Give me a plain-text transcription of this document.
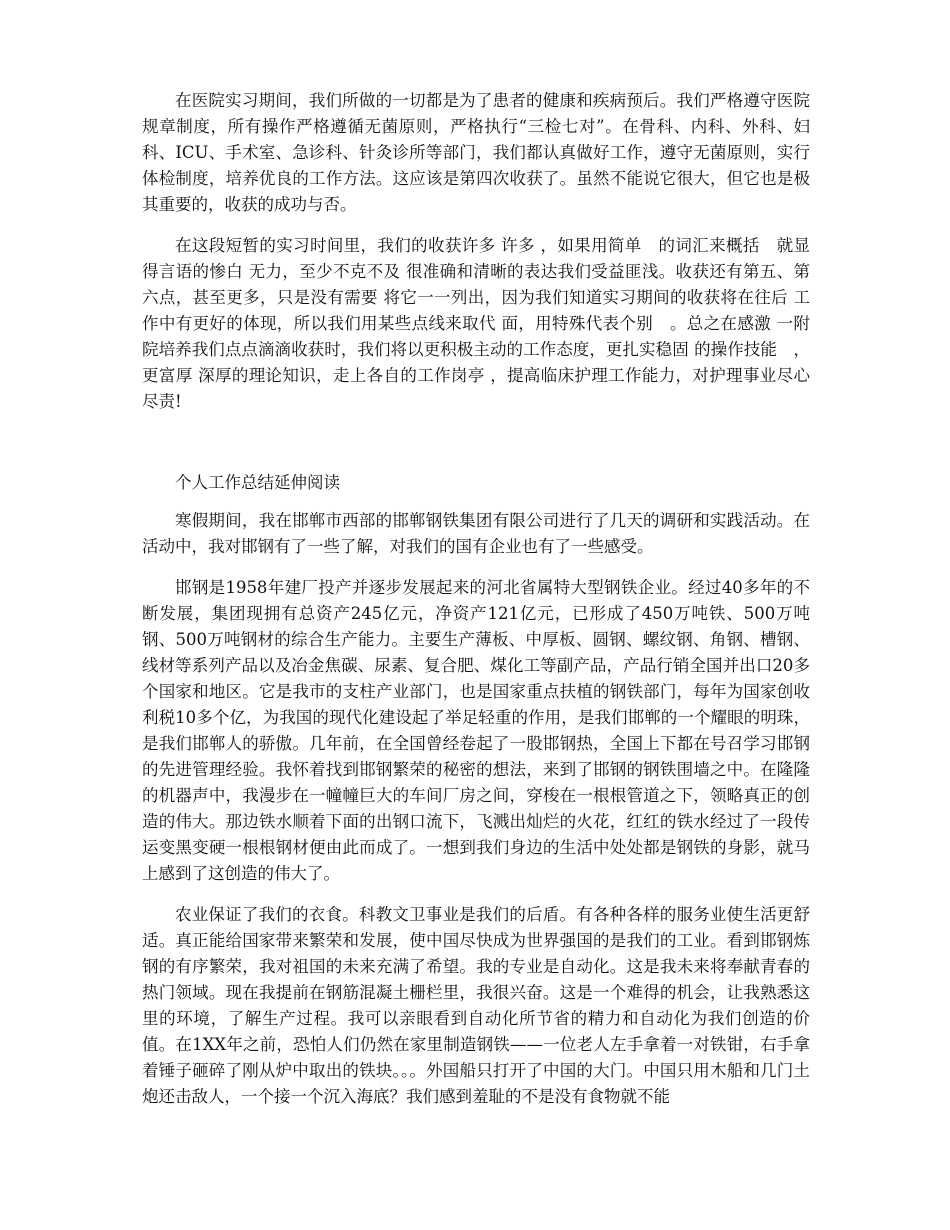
在医院实习期间，我们所做的一切都是为了患者的健康和疾病预后。我们严格遵守医院规章制度，所有操作严格遵循无菌原则，严格执行“三检七对”。在骨科、内科、外科、妇科、ICU、手术室、急诊科、针灸诊所等部门，我们都认真做好工作，遵守无菌原则，实行体检制度，培养优良的工作方法。这应该是第四次收获了。虽然不能说它很大，但它也是极其重要的，收获的成功与否。

在这段短暂的实习时间里，我们的收获许多 许多 ，如果用简单　的词汇来概括　就显得言语的惨白 无力，至少不克不及 很准确和清晰的表达我们受益匪浅。收获还有第五、第六点，甚至更多，只是没有需要 将它一一列出，因为我们知道实习期间的收获将在往后 工作中有更好的体现，所以我们用某些点线来取代 面，用特殊代表个别　。总之在感激 一附院培养我们点点滴滴收获时，我们将以更积极主动的工作态度，更扎实稳固 的操作技能　，更富厚 深厚的理论知识，走上各自的工作岗亭 ，提高临床护理工作能力，对护理事业尽心尽责!

个人工作总结延伸阅读

寒假期间，我在邯郸市西部的邯郸钢铁集团有限公司进行了几天的调研和实践活动。在活动中，我对邯钢有了一些了解，对我们的国有企业也有了一些感受。

邯钢是1958年建厂投产并逐步发展起来的河北省属特大型钢铁企业。经过40多年的不断发展，集团现拥有总资产245亿元，净资产121亿元，已形成了450万吨铁、500万吨钢、500万吨钢材的综合生产能力。主要生产薄板、中厚板、圆钢、螺纹钢、角钢、槽钢、线材等系列产品以及冶金焦碳、尿素、复合肥、煤化工等副产品，产品行销全国并出口20多个国家和地区。它是我市的支柱产业部门，也是国家重点扶植的钢铁部门，每年为国家创收利税10多个亿，为我国的现代化建设起了举足轻重的作用，是我们邯郸的一个耀眼的明珠，是我们邯郸人的骄傲。几年前，在全国曾经卷起了一股邯钢热，全国上下都在号召学习邯钢的先进管理经验。我怀着找到邯钢繁荣的秘密的想法，来到了邯钢的钢铁围墙之中。在隆隆的机器声中，我漫步在一幢幢巨大的车间厂房之间，穿梭在一根根管道之下，领略真正的创造的伟大。那边铁水顺着下面的出钢口流下，飞溅出灿烂的火花，红红的铁水经过了一段传运变黑变硬一根根钢材便由此而成了。一想到我们身边的生活中处处都是钢铁的身影，就马上感到了这创造的伟大了。

农业保证了我们的衣食。科教文卫事业是我们的后盾。有各种各样的服务业使生活更舒适。真正能给国家带来繁荣和发展，使中国尽快成为世界强国的是我们的工业。看到邯钢炼钢的有序繁荣，我对祖国的未来充满了希望。我的专业是自动化。这是我未来将奉献青春的热门领域。现在我提前在钢筋混凝土栅栏里，我很兴奋。这是一个难得的机会，让我熟悉这里的环境，了解生产过程。我可以亲眼看到自动化所节省的精力和自动化为我们创造的价值。在1XX年之前，恐怕人们仍然在家里制造钢铁——一位老人左手拿着一对铁钳，右手拿着锤子砸碎了刚从炉中取出的铁块。。。外国船只打开了中国的大门。中国只用木船和几门土炮还击敌人，一个接一个沉入海底？我们感到羞耻的不是没有食物就不能
